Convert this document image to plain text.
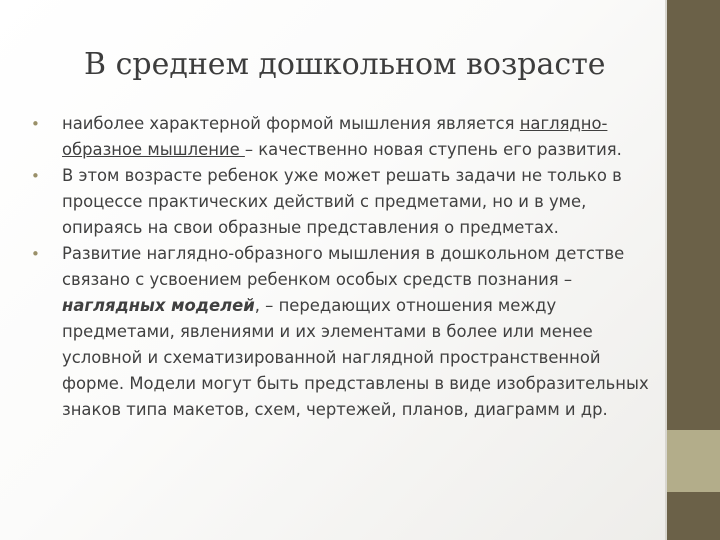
В среднем дошкольном возрасте
• наиболее характерной формой мышления является наглядно-образное мышление – качественно новая ступень его развития.
• В этом возрасте ребенок уже может решать задачи не только в процессе практических действий с предметами, но и в уме, опираясь на свои образные представления о предметах.
• Развитие наглядно-образного мышления в дошкольном детстве связано с усвоением ребенком особых средств познания – наглядных моделей, – передающих отношения между предметами, явлениями и их элементами в более или менее условной и схематизированной наглядной пространственной форме. Модели могут быть представлены в виде изобразительных знаков типа макетов, схем, чертежей, планов, диаграмм и др.
